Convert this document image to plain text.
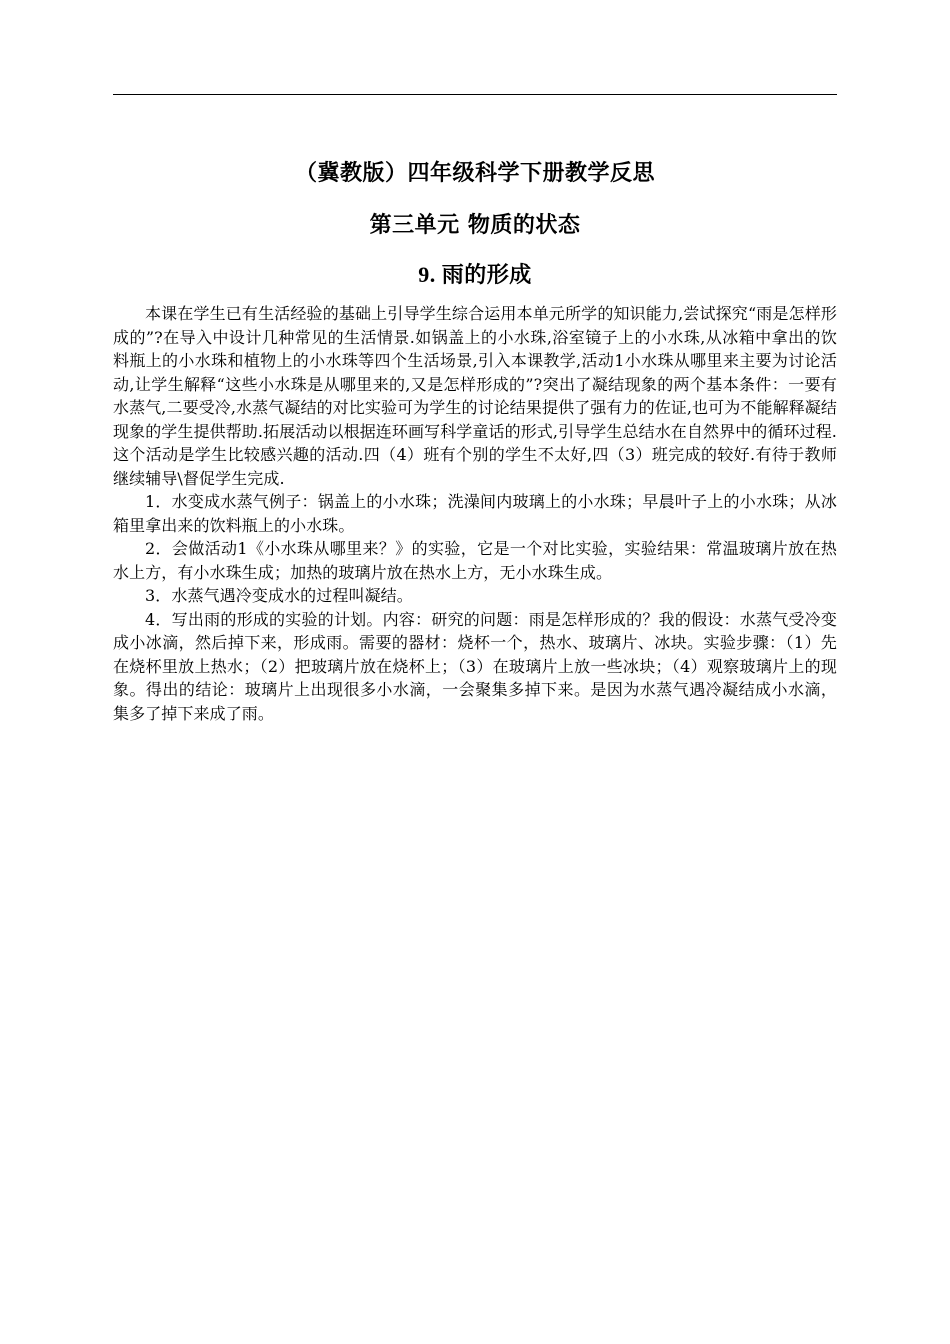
（冀教版）四年级科学下册教学反思
第三单元 物质的状态
9. 雨的形成

本课在学生已有生活经验的基础上引导学生综合运用本单元所学的知识能力,尝试探究“雨是怎样形成的”?在导入中设计几种常见的生活情景.如锅盖上的小水珠,浴室镜子上的小水珠,从冰箱中拿出的饮料瓶上的小水珠和植物上的小水珠等四个生活场景,引入本课教学,活动1小水珠从哪里来主要为讨论活动,让学生解释“这些小水珠是从哪里来的,又是怎样形成的”?突出了凝结现象的两个基本条件：一要有水蒸气,二要受冷,水蒸气凝结的对比实验可为学生的讨论结果提供了强有力的佐证,也可为不能解释凝结现象的学生提供帮助.拓展活动以根据连环画写科学童话的形式,引导学生总结水在自然界中的循环过程.这个活动是学生比较感兴趣的活动.四（4）班有个别的学生不太好,四（3）班完成的较好.有待于教师继续辅导\督促学生完成.

1．水变成水蒸气例子：锅盖上的小水珠；洗澡间内玻璃上的小水珠；早晨叶子上的小水珠；从冰箱里拿出来的饮料瓶上的小水珠。

2．会做活动1《小水珠从哪里来？》的实验，它是一个对比实验，实验结果：常温玻璃片放在热水上方，有小水珠生成；加热的玻璃片放在热水上方，无小水珠生成。

3．水蒸气遇冷变成水的过程叫凝结。

4．写出雨的形成的实验的计划。内容：研究的问题：雨是怎样形成的？我的假设：水蒸气受冷变成小冰滴，然后掉下来，形成雨。需要的器材：烧杯一个，热水、玻璃片、冰块。实验步骤：（1）先在烧杯里放上热水；（2）把玻璃片放在烧杯上；（3）在玻璃片上放一些冰块；（4）观察玻璃片上的现象。得出的结论：玻璃片上出现很多小水滴，一会聚集多掉下来。是因为水蒸气遇冷凝结成小水滴，集多了掉下来成了雨。
